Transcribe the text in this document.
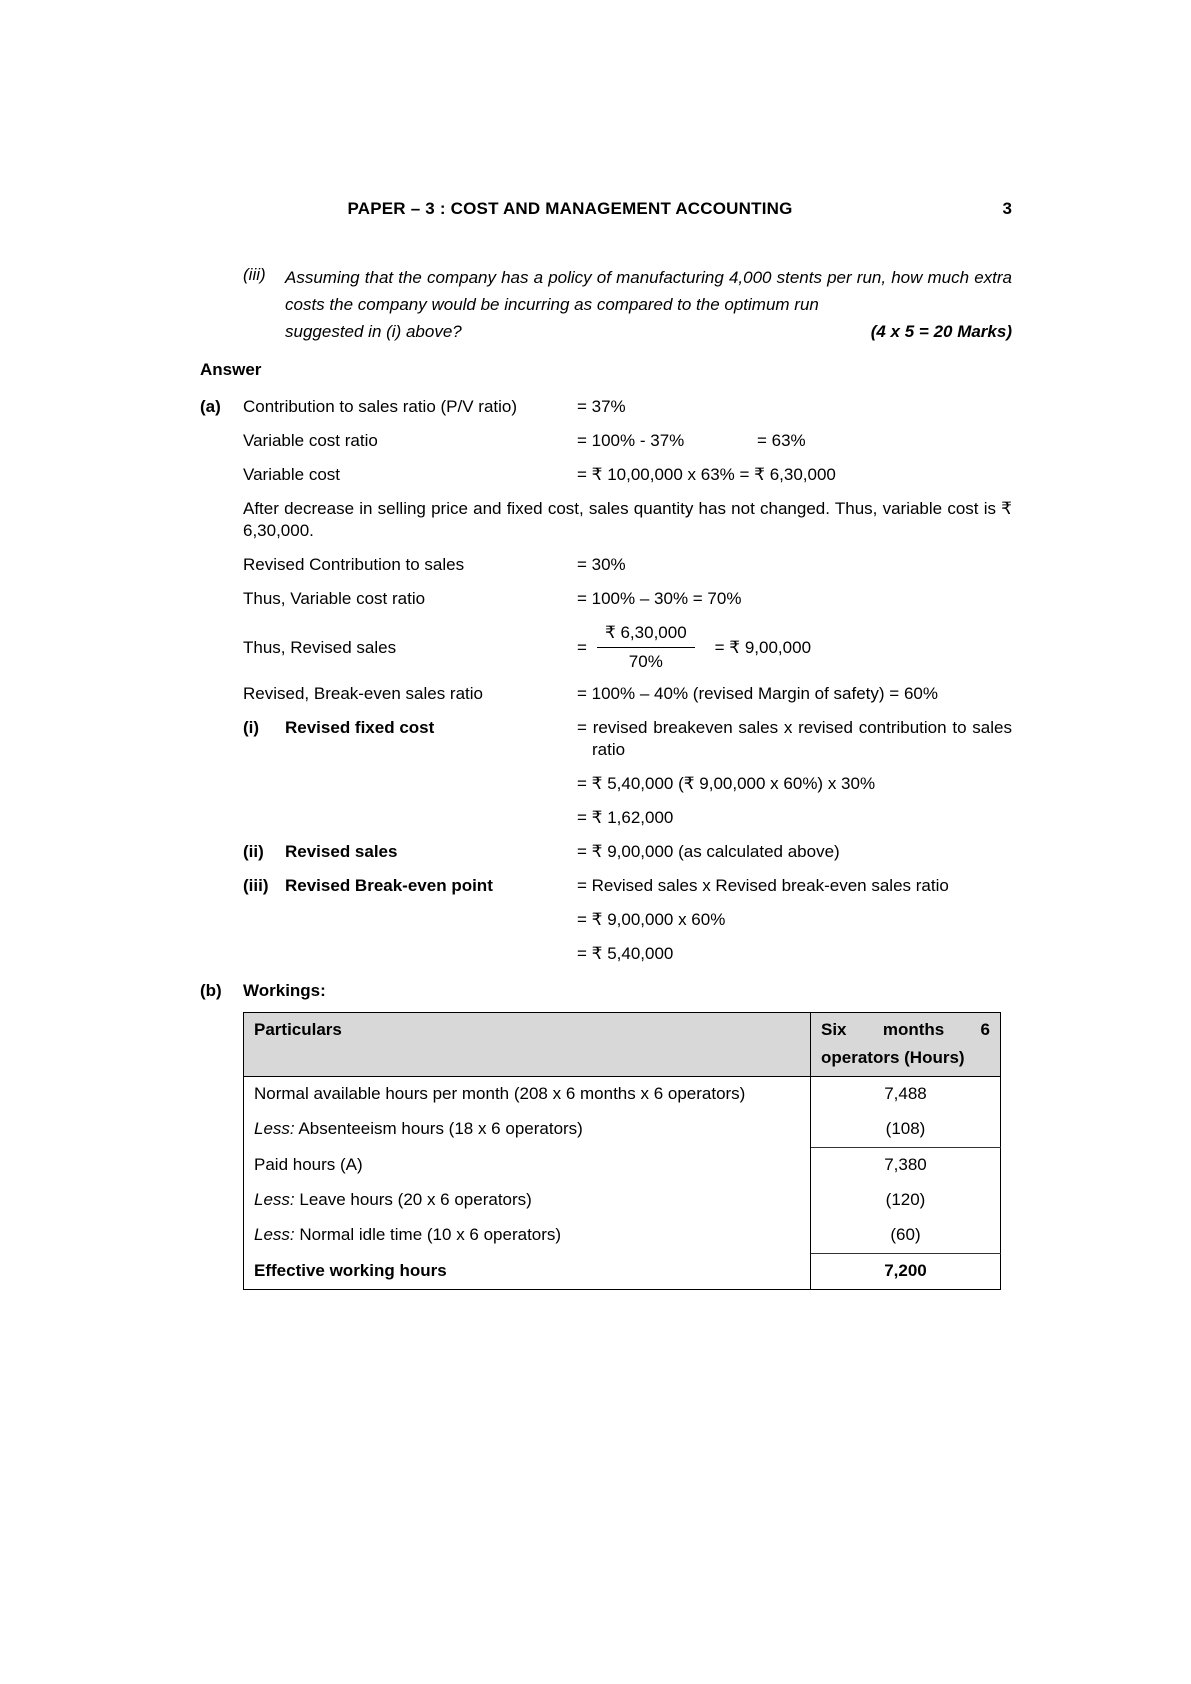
PAPER – 3 : COST AND MANAGEMENT ACCOUNTING	3
(iii)	Assuming that the company has a policy of manufacturing 4,000 stents per run, how much extra costs the company would be incurring as compared to the optimum run
suggested in (i) above?	(4 x 5 = 20 Marks)
Answer
(a)	Contribution to sales ratio (P/V ratio)	= 37%
Variable cost ratio	= 100% - 37%	= 63%
Variable cost	= ₹ 10,00,000 x 63% = ₹ 6,30,000
After decrease in selling price and fixed cost, sales quantity has not changed. Thus, variable cost is ₹ 6,30,000.
Revised Contribution to sales	= 30%
Thus, Variable cost ratio	= 100% – 30% = 70%
Thus, Revised sales	= $\frac{₹ 6,30,000}{70\%}$ = ₹ 9,00,000
Revised, Break-even sales ratio	= 100% – 40% (revised Margin of safety) = 60%
(i)	Revised fixed cost	= revised breakeven sales x revised contribution to sales ratio
= ₹ 5,40,000 (₹ 9,00,000 x 60%) x 30%
= ₹ 1,62,000
(ii)	Revised sales	= ₹ 9,00,000 (as calculated above)
(iii) Revised Break-even point	= Revised sales x Revised break-even sales ratio
= ₹ 9,00,000 x 60%
= ₹ 5,40,000
(b)	Workings:
Particulars	Six months 6
operators (Hours)
Normal available hours per month (208 x 6 months x 6 operators)	7,488
Less: Absenteeism hours (18 x 6 operators)	(108)
Paid hours (A)	7,380
Less: Leave hours (20 x 6 operators)	(120)
Less: Normal idle time (10 x 6 operators)	(60)
Effective working hours	7,200
